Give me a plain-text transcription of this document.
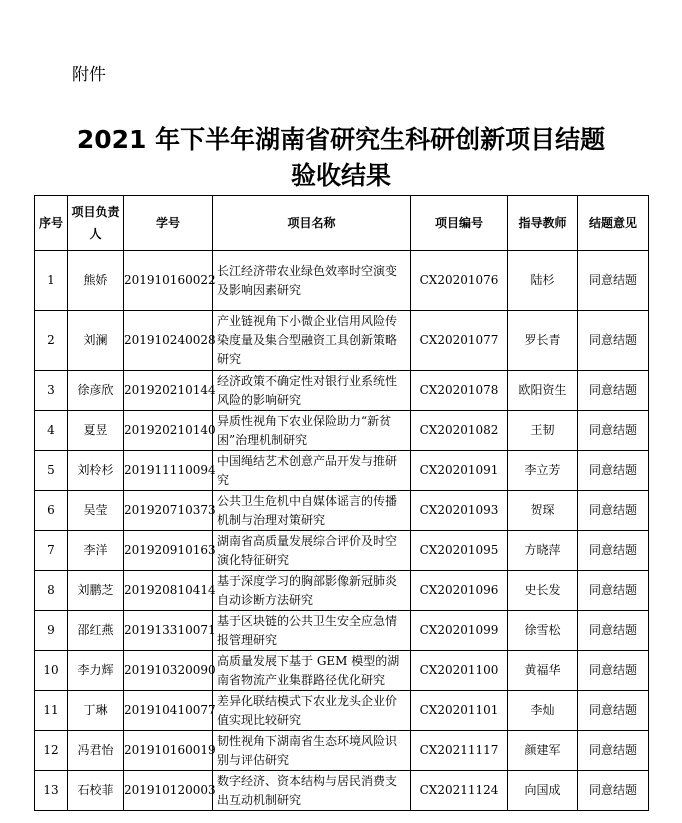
附件
2021 年下半年湖南省研究生科研创新项目结题
验收结果
序号	项目负责人	学号	项目名称	项目编号	指导教师	结题意见
1	熊娇	201910160022	长江经济带农业绿色效率时空演变及影响因素研究	CX20201076	陆杉	同意结题
2	刘澜	201910240028	产业链视角下小微企业信用风险传染度量及集合型融资工具创新策略研究	CX20201077	罗长青	同意结题
3	徐彦欣	201920210144	经济政策不确定性对银行业系统性风险的影响研究	CX20201078	欧阳资生	同意结题
4	夏昱	201920210140	异质性视角下农业保险助力“新贫困”治理机制研究	CX20201082	王韧	同意结题
5	刘柃杉	201911110094	中国绳结艺术创意产品开发与推研究	CX20201091	李立芳	同意结题
6	吴莹	201920710373	公共卫生危机中自媒体谣言的传播机制与治理对策研究	CX20201093	贺琛	同意结题
7	李洋	201920910163	湖南省高质量发展综合评价及时空演化特征研究	CX20201095	方晓萍	同意结题
8	刘鹏芝	201920810414	基于深度学习的胸部影像新冠肺炎自动诊断方法研究	CX20201096	史长发	同意结题
9	邵红燕	201913310071	基于区块链的公共卫生安全应急情报管理研究	CX20201099	徐雪松	同意结题
10	李力辉	201910320090	高质量发展下基于 GEM 模型的湖南省物流产业集群路径优化研究	CX20201100	黄福华	同意结题
11	丁琳	201910410077	差异化联结模式下农业龙头企业价值实现比较研究	CX20201101	李灿	同意结题
12	冯君怡	201910160019	韧性视角下湖南省生态环境风险识别与评估研究	CX20211117	颜建军	同意结题
13	石校菲	201910120003	数字经济、资本结构与居民消费支出互动机制研究	CX20211124	向国成	同意结题
